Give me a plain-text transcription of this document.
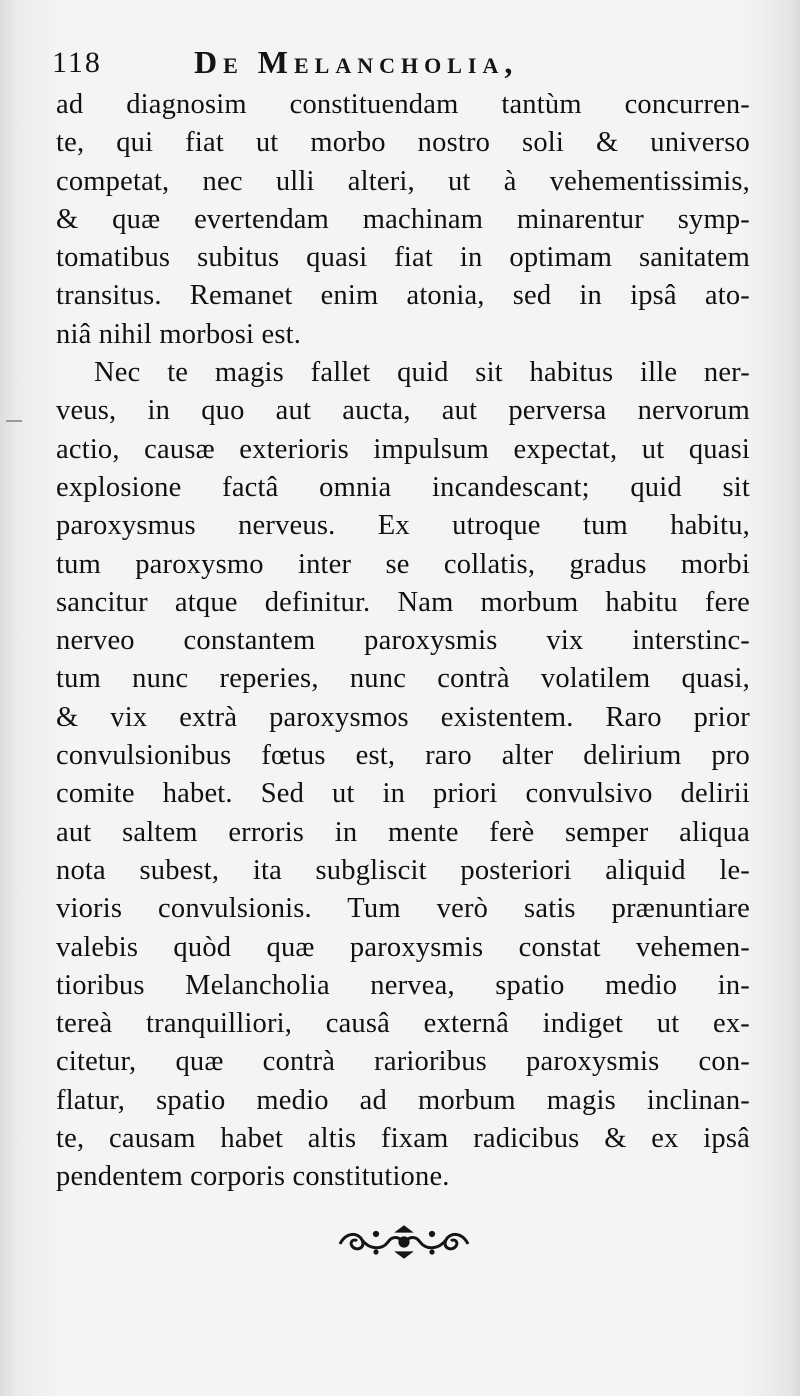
118	De Melancholia,
ad diagnosim constituendam tantùm concurren-
te, qui fiat ut morbo nostro soli & universo
competat, nec ulli alteri, ut à vehementissimis,
& quæ evertendam machinam minarentur symp-
tomatibus subitus quasi fiat in optimam sanitatem
transitus. Remanet enim atonia, sed in ipsâ ato-
niâ nihil morbosi est.
Nec te magis fallet quid sit habitus ille ner-
veus, in quo aut aucta, aut perversa nervorum
actio, causæ exterioris impulsum expectat, ut quasi
explosione factâ omnia incandescant; quid sit
paroxysmus nerveus. Ex utroque tum habitu,
tum paroxysmo inter se collatis, gradus morbi
sancitur atque definitur. Nam morbum habitu fere
nerveo constantem paroxysmis vix interstinc-
tum nunc reperies, nunc contrà volatilem quasi,
& vix extrà paroxysmos existentem. Raro prior
convulsionibus fœtus est, raro alter delirium pro
comite habet. Sed ut in priori convulsivo delirii
aut saltem erroris in mente ferè semper aliqua
nota subest, ita subgliscit posteriori aliquid le-
vioris convulsionis. Tum verò satis prænuntiare
valebis quòd quæ paroxysmis constat vehemen-
tioribus Melancholia nervea, spatio medio in-
tereà tranquilliori, causâ externâ indiget ut ex-
citetur, quæ contrà rarioribus paroxysmis con-
flatur, spatio medio ad morbum magis inclinan-
te, causam habet altis fixam radicibus & ex ipsâ
pendentem corporis constitutione.
